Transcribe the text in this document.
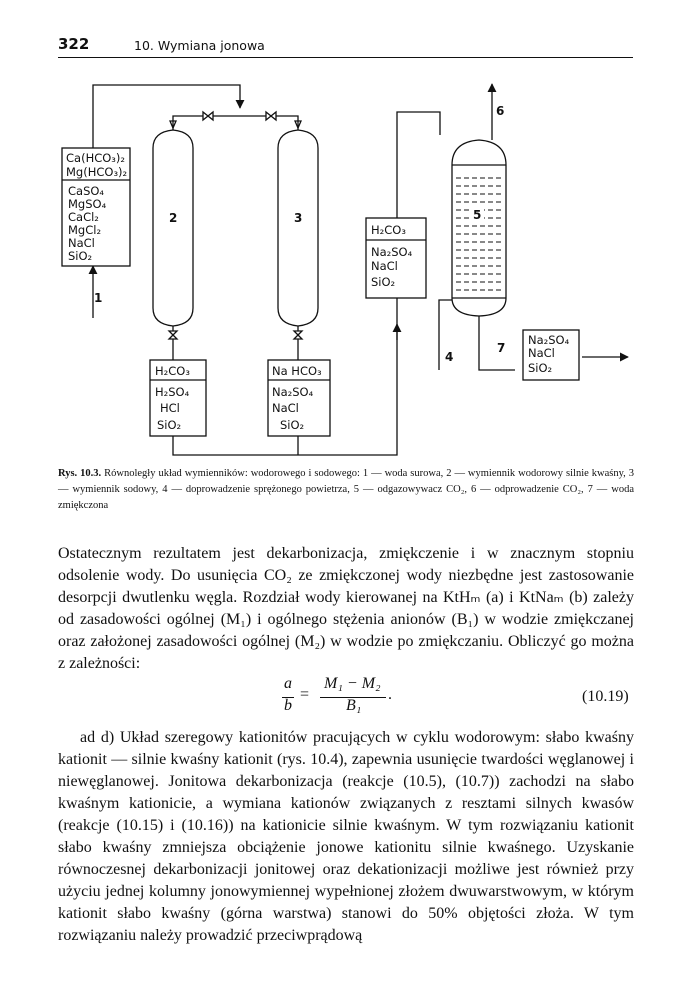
322	10. Wymiana jonowa
Ca(HCO₃)₂
Mg(HCO₃)₂
CaSO₄
MgSO₄
CaCl₂
MgCl₂
NaCl
SiO₂
H₂CO₃
Na₂SO₄
NaCl
SiO₂
H₂CO₃
H₂SO₄
HCl
SiO₂
Na HCO₃
Na₂SO₄
NaCl
SiO₂
Na₂SO₄
NaCl
SiO₂
1
2	3
4
5
6
7
Rys. 10.3. Równoległy układ wymienników: wodorowego i sodowego: 1 — woda surowa, 2 — wymiennik wodorowy silnie kwaśny, 3 — wymiennik sodowy, 4 — doprowadzenie sprężonego powietrza, 5 — odgazowywacz CO₂, 6 — odprowadzenie CO₂, 7 — woda zmiękczona

Ostatecznym rezultatem jest dekarbonizacja, zmiękczenie i w znacznym stopniu odsolenie wody. Do usunięcia CO₂ ze zmiękczonej wody niezbędne jest zastosowanie desorpcji dwutlenku węgla. Rozdział wody kierowanej na KtHₘ (a) i KtNaₘ (b) zależy od zasadowości ogólnej (M₁) i ogólnego stężenia anionów (B₁) w wodzie zmiękczanej oraz założonej zasadowości ogólnej (M₂) w wodzie po zmiękczaniu. Obliczyć go można z zależności:

a
b
=
M₁ − M₂
B₁
.	(10.19)

ad d) Układ szeregowy kationitów pracujących w cyklu wodorowym: słabo kwaśny kationit — silnie kwaśny kationit (rys. 10.4), zapewnia usunięcie twardości węglanowej i niewęglanowej. Jonitowa dekarbonizacja (reakcje (10.5), (10.7)) zachodzi na słabo kwaśnym kationicie, a wymiana kationów związanych z resztami silnych kwasów (reakcje (10.15) i (10.16)) na kationicie silnie kwaśnym. W tym rozwiązaniu kationit słabo kwaśny zmniejsza obciążenie jonowe kationitu silnie kwaśnego. Uzyskanie równoczesnej dekarbonizacji jonitowej oraz dekationizacji możliwe jest również przy użyciu jednej kolumny jonowymiennej wypełnionej złożem dwuwarstwowym, w którym kationit słabo kwaśny (górna warstwa) stanowi do 50% objętości złoża. W tym rozwiązaniu należy prowadzić przeciwprądową
